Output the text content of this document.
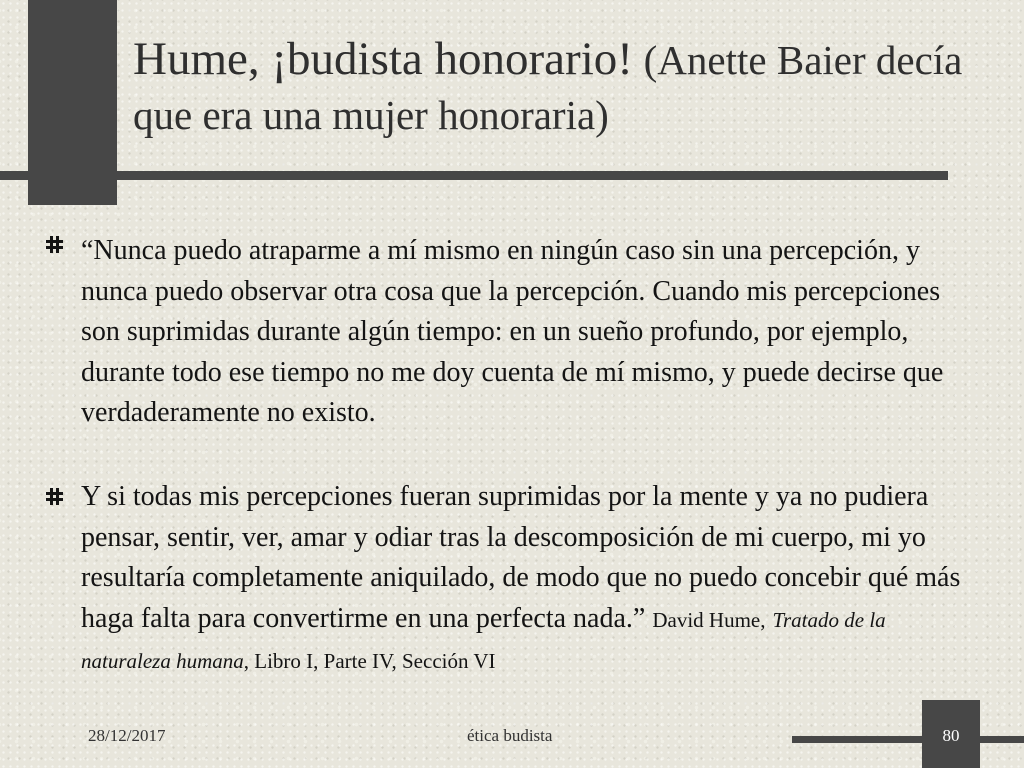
Hume, ¡budista honorario! (Anette Baier decía que era una mujer honoraria)

“Nunca puedo atraparme a mí mismo en ningún caso sin una percepción, y nunca puedo observar otra cosa que la percepción. Cuando mis percepciones son suprimidas durante algún tiempo: en un sueño profundo, por ejemplo, durante todo ese tiempo no me doy cuenta de mí mismo, y puede decirse que verdaderamente no existo.

Y si todas mis percepciones fueran suprimidas por la mente y ya no pudiera pensar, sentir, ver, amar y odiar tras la descomposición de mi cuerpo, mi yo resultaría completamente aniquilado, de modo que no puedo concebir qué más haga falta para convertirme en una perfecta nada.” David Hume, Tratado de la naturaleza humana, Libro I, Parte IV, Sección VI

28/12/2017	ética budista	80
